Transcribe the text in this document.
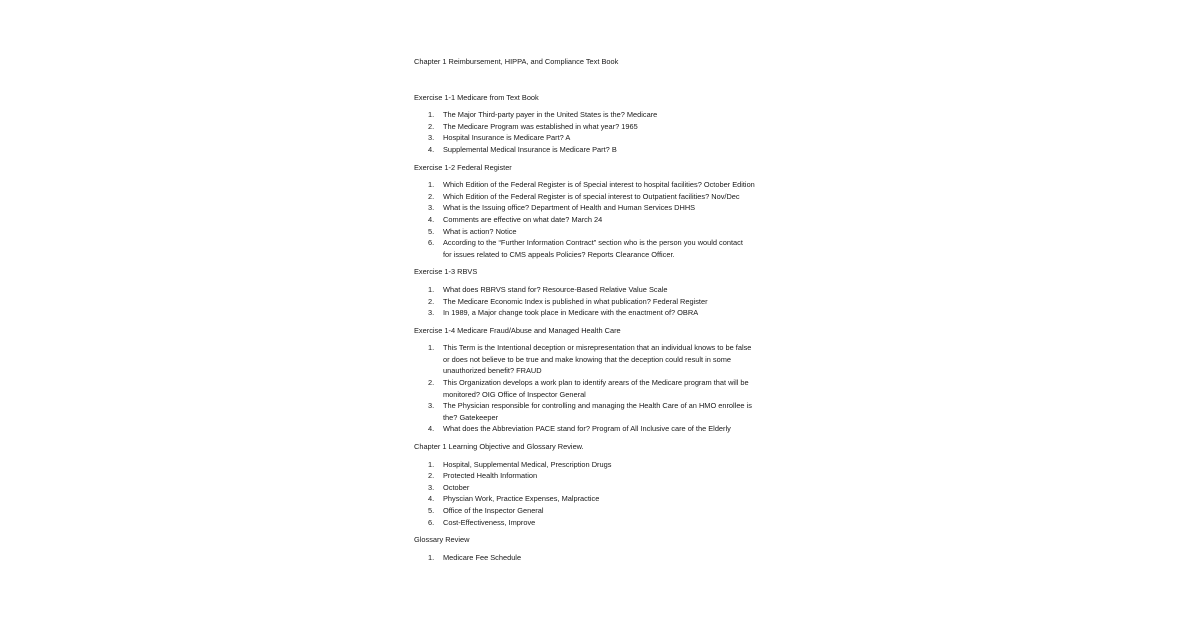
Chapter 1 Reimbursement, HIPPA, and Compliance Text Book
Exercise 1-1 Medicare from Text Book
1. The Major Third-party payer in the United States is the? Medicare
2. The Medicare Program was established in what year? 1965
3. Hospital Insurance is Medicare Part? A
4. Supplemental Medical Insurance is Medicare Part? B
Exercise 1-2 Federal Register
1. Which Edition of the Federal Register is of Special interest to hospital facilities? October Edition
2. Which Edition of the Federal Register is of special interest to Outpatient facilities? Nov/Dec
3. What is the Issuing office? Department of Health and Human Services DHHS
4. Comments are effective on what date? March 24
5. What is action? Notice
6. According to the “Further Information Contract” section who is the person you would contact
for issues related to CMS appeals Policies? Reports Clearance Officer.
Exercise 1-3 RBVS
1. What does RBRVS stand for? Resource-Based Relative Value Scale
2. The Medicare Economic Index is published in what publication? Federal Register
3. In 1989, a Major change took place in Medicare with the enactment of? OBRA
Exercise 1-4 Medicare Fraud/Abuse and Managed Health Care
1. This Term is the Intentional deception or misrepresentation that an individual knows to be false
or does not believe to be true and make knowing that the deception could result in some
unauthorized benefit? FRAUD
2. This Organization develops a work plan to identify arears of the Medicare program that will be
monitored? OIG Office of Inspector General
3. The Physician responsible for controlling and managing the Health Care of an HMO enrollee is
the? Gatekeeper
4. What does the Abbreviation PACE stand for? Program of All Inclusive care of the Elderly
Chapter 1 Learning Objective and Glossary Review.
1. Hospital, Supplemental Medical, Prescription Drugs
2. Protected Health Information
3. October
4. Physcian Work, Practice Expenses, Malpractice
5. Office of the Inspector General
6. Cost-Effectiveness, Improve
Glossary Review
1. Medicare Fee Schedule
